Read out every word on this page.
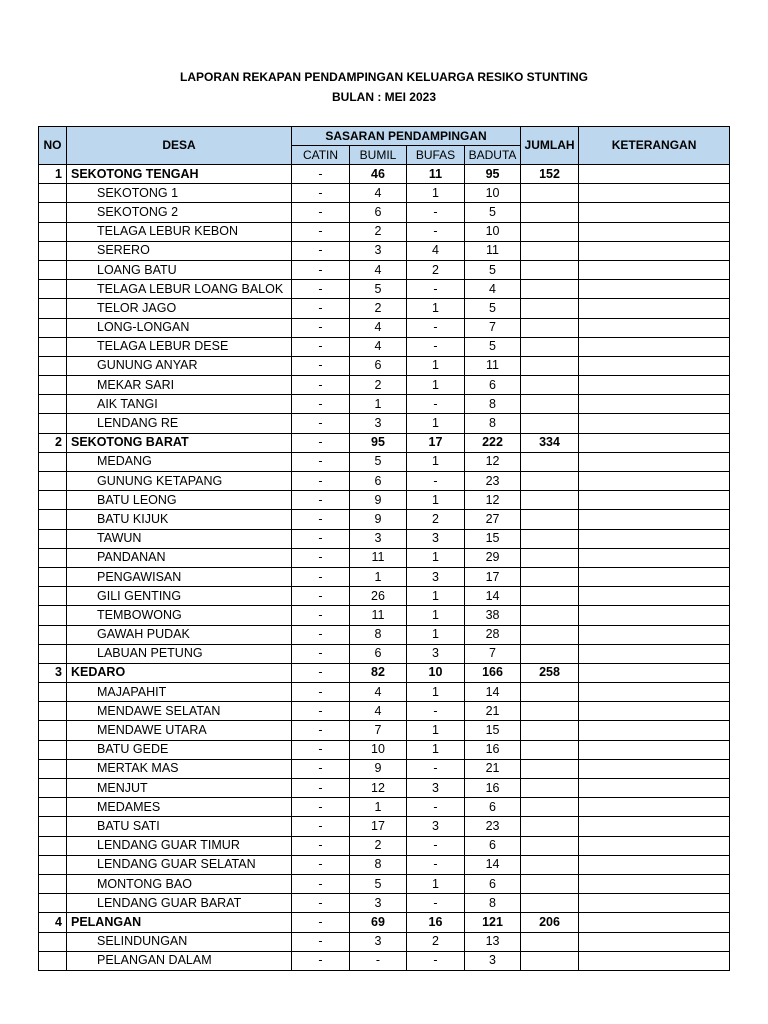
LAPORAN REKAPAN PENDAMPINGAN KELUARGA RESIKO STUNTING
BULAN : MEI 2023
NO	DESA	SASARAN PENDAMPINGAN				JUMLAH	KETERANGAN
		CATIN	BUMIL	BUFAS	BADUTA		
1	SEKOTONG TENGAH	-	46	11	95	152	
	SEKOTONG 1	-	4	1	10		
	SEKOTONG 2	-	6	-	5		
	TELAGA LEBUR KEBON	-	2	-	10		
	SERERO	-	3	4	11		
	LOANG BATU	-	4	2	5		
	TELAGA LEBUR LOANG BALOK	-	5	-	4		
	TELOR JAGO	-	2	1	5		
	LONG-LONGAN	-	4	-	7		
	TELAGA LEBUR DESE	-	4	-	5		
	GUNUNG ANYAR	-	6	1	11		
	MEKAR SARI	-	2	1	6		
	AIK TANGI	-	1	-	8		
	LENDANG RE	-	3	1	8		
2	SEKOTONG BARAT	-	95	17	222	334	
	MEDANG	-	5	1	12		
	GUNUNG KETAPANG	-	6	-	23		
	BATU LEONG	-	9	1	12		
	BATU KIJUK	-	9	2	27		
	TAWUN	-	3	3	15		
	PANDANAN	-	11	1	29		
	PENGAWISAN	-	1	3	17		
	GILI GENTING	-	26	1	14		
	TEMBOWONG	-	11	1	38		
	GAWAH PUDAK	-	8	1	28		
	LABUAN PETUNG	-	6	3	7		
3	KEDARO	-	82	10	166	258	
	MAJAPAHIT	-	4	1	14		
	MENDAWE SELATAN	-	4	-	21		
	MENDAWE UTARA	-	7	1	15		
	BATU GEDE	-	10	1	16		
	MERTAK MAS	-	9	-	21		
	MENJUT	-	12	3	16		
	MEDAMES	-	1	-	6		
	BATU SATI	-	17	3	23		
	LENDANG GUAR TIMUR	-	2	-	6		
	LENDANG GUAR SELATAN	-	8	-	14		
	MONTONG BAO	-	5	1	6		
	LENDANG GUAR BARAT	-	3	-	8		
4	PELANGAN	-	69	16	121	206	
	SELINDUNGAN	-	3	2	13		
	PELANGAN DALAM	-	-	-	3		
